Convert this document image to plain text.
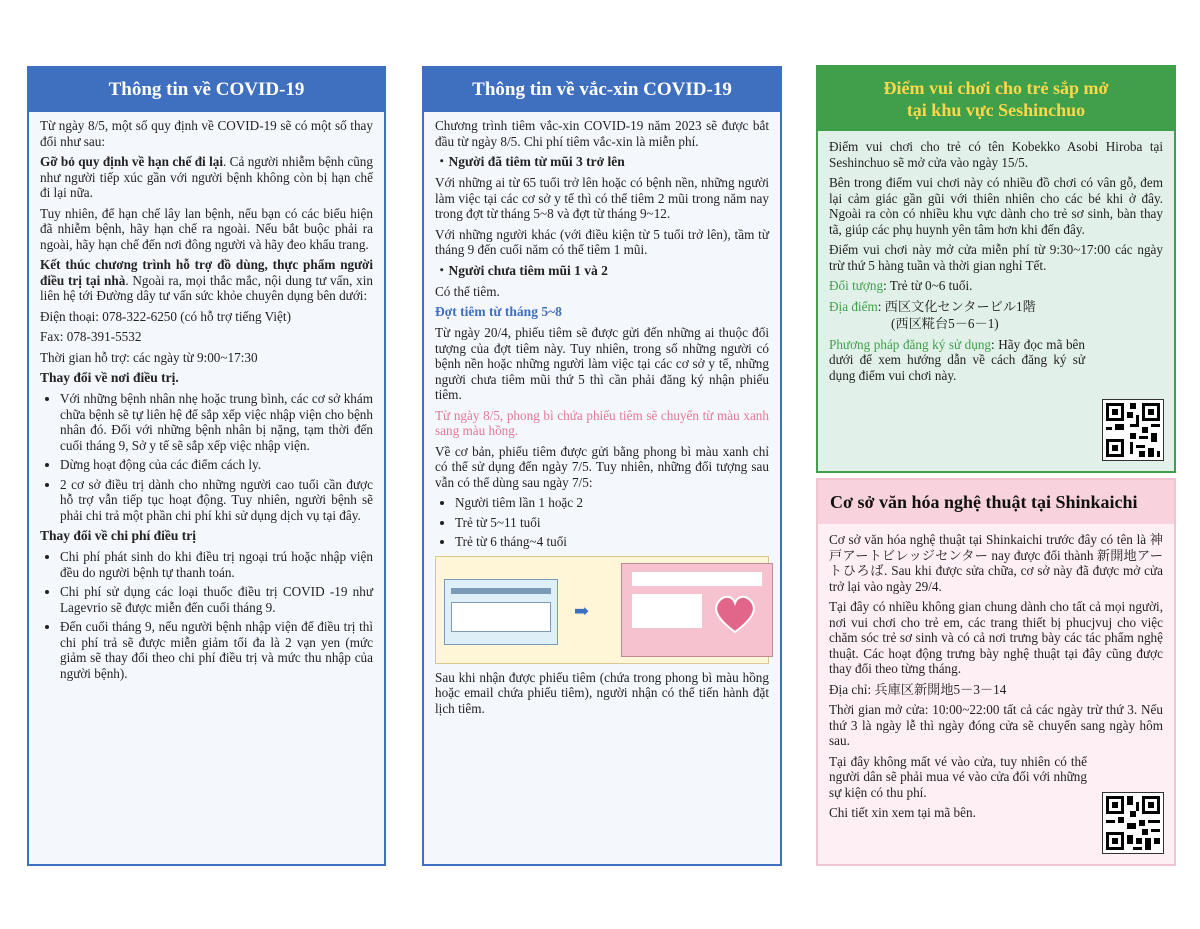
Thông tin về COVID-19

Từ ngày 8/5, một số quy định về COVID-19 sẽ có một số thay đổi như sau:

Gỡ bỏ quy định về hạn chế đi lại. Cả người nhiễm bệnh cũng như người tiếp xúc gần với người bệnh không còn bị hạn chế đi lại nữa.

Tuy nhiên, để hạn chế lây lan bệnh, nếu bạn có các biểu hiện đã nhiễm bệnh, hãy hạn chế ra ngoài. Nếu bắt buộc phải ra ngoài, hãy hạn chế đến nơi đông người và hãy đeo khẩu trang.

Kết thúc chương trình hỗ trợ đồ dùng, thực phẩm người điều trị tại nhà. Ngoài ra, mọi thắc mắc, nội dung tư vấn, xin liên hệ tới Đường dây tư vấn sức khỏe chuyên dụng bên dưới:

Điện thoại: 078-322-6250 (có hỗ trợ tiếng Việt)

Fax: 078-391-5532

Thời gian hỗ trợ: các ngày từ 9:00~17:30

Thay đổi về nơi điều trị.
• Với những bệnh nhân nhẹ hoặc trung bình, các cơ sở khám chữa bệnh sẽ tự liên hệ để sắp xếp việc nhập viện cho bệnh nhân đó. Đối với những bệnh nhân bị nặng, tạm thời đến cuối tháng 9, Sở y tế sẽ sắp xếp việc nhập viện.
• Dừng hoạt động của các điểm cách ly.
• 2 cơ sở điều trị dành cho những người cao tuổi cần được hỗ trợ vẫn tiếp tục hoạt động. Tuy nhiên, người bệnh sẽ phải chi trả một phần chi phí khi sử dụng dịch vụ tại đây.
Thay đổi về chi phí điều trị
• Chi phí phát sinh do khi điều trị ngoại trú hoặc nhập viện đều do người bệnh tự thanh toán.
• Chi phí sử dụng các loại thuốc điều trị COVID -19 như Lagevrio sẽ được miễn đến cuối tháng 9.
• Đến cuối tháng 9, nếu người bệnh nhập viện để điều trị thì chi phí trả sẽ được miễn giảm tối đa là 2 vạn yen (mức giảm sẽ thay đổi theo chi phí điều trị và mức thu nhập của người bệnh).
Thông tin về vắc-xin COVID-19

Chương trình tiêm vắc-xin COVID-19 năm 2023 sẽ được bắt đầu từ ngày 8/5. Chi phí tiêm vắc-xin là miễn phí.

・Người đã tiêm từ mũi 3 trở lên

Với những ai từ 65 tuổi trở lên hoặc có bệnh nền, những người làm việc tại các cơ sở y tế thì có thể tiêm 2 mũi trong năm nay trong đợt từ tháng 5~8 và đợt từ tháng 9~12.

Với những người khác (với điều kiện từ 5 tuổi trở lên), tầm từ tháng 9 đến cuối năm có thể tiêm 1 mũi.

・Người chưa tiêm mũi 1 và 2

Có thể tiêm.

Đợt tiêm từ tháng 5~8

Từ ngày 20/4, phiếu tiêm sẽ được gửi đến những ai thuộc đối tượng của đợt tiêm này. Tuy nhiên, trong số những người có bệnh nền hoặc những người làm việc tại các cơ sở y tế, những người chưa tiêm mũi thứ 5 thì cần phải đăng ký nhận phiếu tiêm.

Từ ngày 8/5, phong bì chứa phiếu tiêm sẽ chuyển từ màu xanh sang màu hồng.

Về cơ bản, phiếu tiêm được gửi bằng phong bì màu xanh chỉ có thể sử dụng đến ngày 7/5. Tuy nhiên, những đối tượng sau vẫn có thể dùng sau ngày 7/5:

• Người tiêm lần 1 hoặc 2
• Trẻ từ 5~11 tuổi
• Trẻ từ 6 tháng~4 tuổi
➡

Sau khi nhận được phiếu tiêm (chứa trong phong bì màu hồng hoặc email chứa phiếu tiêm), người nhận có thể tiến hành đặt lịch tiêm.

Điểm vui chơi cho trẻ sắp mở
tại khu vực Seshinchuo

Điểm vui chơi cho trẻ có tên Kobekko Asobi Hiroba tại Seshinchuo sẽ mở cửa vào ngày 15/5.

Bên trong điểm vui chơi này có nhiều đồ chơi có vân gỗ, đem lại cảm giác gần gũi với thiên nhiên cho các bé khi ở đây. Ngoài ra còn có nhiều khu vực dành cho trẻ sơ sinh, bàn thay tã, giúp các phụ huynh yên tâm hơn khi đến đây.

Điểm vui chơi này mở cửa miễn phí từ 9:30~17:00 các ngày trừ thứ 5 hàng tuần và thời gian nghỉ Tết.

Đối tượng: Trẻ từ 0~6 tuổi.

Địa điểm: 西区文化センタービル1階

(西区糀台5－6－1)

Phương pháp đăng ký sử dụng: Hãy đọc mã bên dưới để xem hướng dẫn về cách đăng ký sử dụng điểm vui chơi này.

Cơ sở văn hóa nghệ thuật tại Shinkaichi

Cơ sở văn hóa nghệ thuật tại Shinkaichi trước đây có tên là 神戸アートビレッジセンター nay được đổi thành 新開地アートひろば. Sau khi được sửa chữa, cơ sở này đã được mở cửa trở lại vào ngày 29/4.

Tại đây có nhiều không gian chung dành cho tất cả mọi người, nơi vui chơi cho trẻ em, các trang thiết bị phucjvuj cho việc chăm sóc trẻ sơ sinh và có cả nơi trưng bày các tác phẩm nghệ thuật. Các hoạt động trưng bày nghệ thuật tại đây cũng được thay đổi theo từng tháng.

Địa chỉ: 兵庫区新開地5－3－14

Thời gian mở cửa: 10:00~22:00 tất cả các ngày trừ thứ 3. Nếu thứ 3 là ngày lễ thì ngày đóng cửa sẽ chuyển sang ngày hôm sau.

Tại đây không mất vé vào cửa, tuy nhiên có thể người dân sẽ phải mua vé vào cửa đối với những sự kiện có thu phí.

Chi tiết xin xem tại mã bên.
